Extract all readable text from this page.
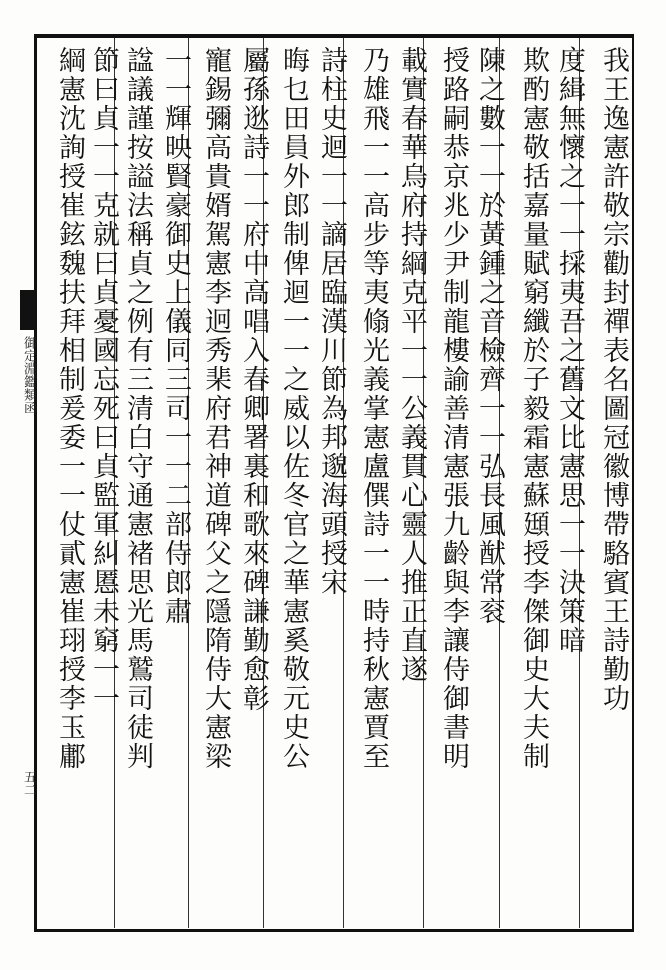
我王逸憲許敬宗勸封禪表名圖冠徽博帶駱賓王詩勤功
度緝無懷之一一採夷吾之舊文比憲思一一決策暗
欺酌憲敬括嘉量賦窮纖於子毅霜憲蘇頲授李傑御史大夫制
陳之數一一於黃鍾之音檢齊一一弘長風猷常衮
授路嗣恭京兆少尹制龍樓諭善清憲張九齡與李讓侍御書明
載實春華烏府持綱克平一一公義貫心靈人推正直遂
乃雄飛一一高步等夷翛光義掌憲盧僎詩一一時持秋憲賈至
詩柱史迴一一謫居臨漢川節為邦邈海頭授宋
晦乜田員外郎制俾迴一一之威以佐冬官之華憲奚敬元史公
屬孫逖詩一一府中高唱入春卿署裏和歌來碑謙勤愈彰
寵錫彌高貴婿駕憲李迥秀棐府君神道碑父之隱隋侍大憲梁
一一輝映賢豪御史上儀同三司一一二部侍郎肅
諡議謹按謚法稱貞之例有三清白守通憲褚思光馬鷲司徒判
節曰貞一一克就曰貞憂國忘死曰貞監軍糾慝未窮一一
綱憲沈詢授崔鉉魏扶拜相制爰委一一仗貳憲崔珝授李玉鄘
御定淵鑑類函
五二
